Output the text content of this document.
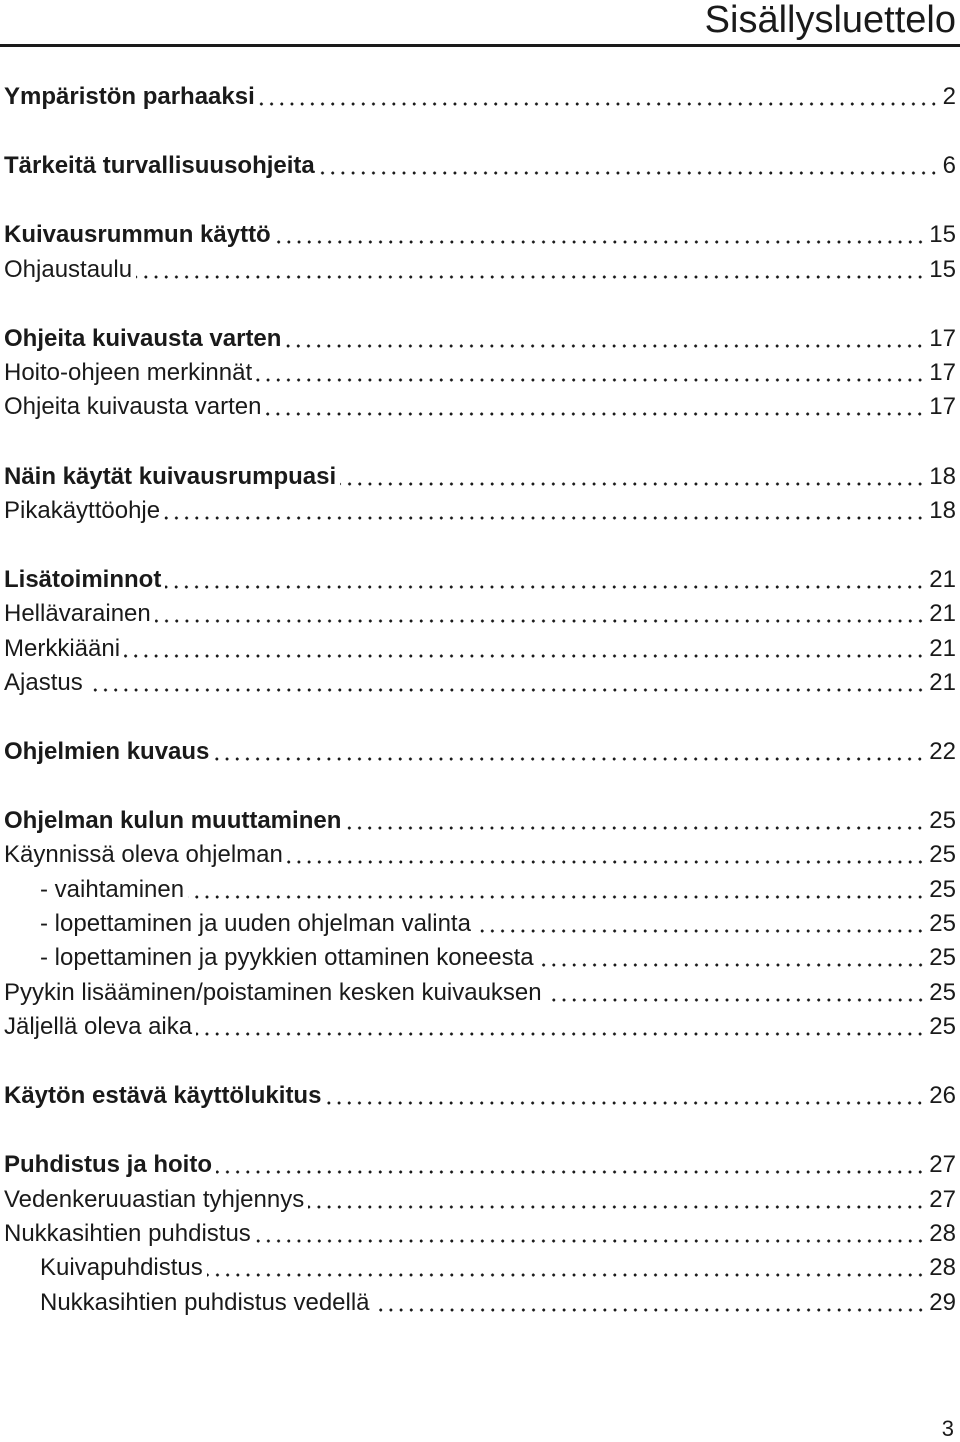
Sisällysluettelo
Ympäristön parhaaksi	2
Tärkeitä turvallisuusohjeita	6
Kuivausrummun käyttö	15
Ohjaustaulu	15
Ohjeita kuivausta varten	17
Hoito-ohjeen merkinnät	17
Ohjeita kuivausta varten	17
Näin käytät kuivausrumpuasi	18
Pikakäyttöohje	18
Lisätoiminnot	21
Hellävarainen	21
Merkkiääni	21
Ajastus	21
Ohjelmien kuvaus	22
Ohjelman kulun muuttaminen	25
Käynnissä oleva ohjelman	25
- vaihtaminen	25
- lopettaminen ja uuden ohjelman valinta	25
- lopettaminen ja pyykkien ottaminen koneesta	25
Pyykin lisääminen/poistaminen kesken kuivauksen	25
Jäljellä oleva aika	25
Käytön estävä käyttölukitus	26
Puhdistus ja hoito	27
Vedenkeruuastian tyhjennys	27
Nukkasihtien puhdistus	28
Kuivapuhdistus	28
Nukkasihtien puhdistus vedellä	29
3
